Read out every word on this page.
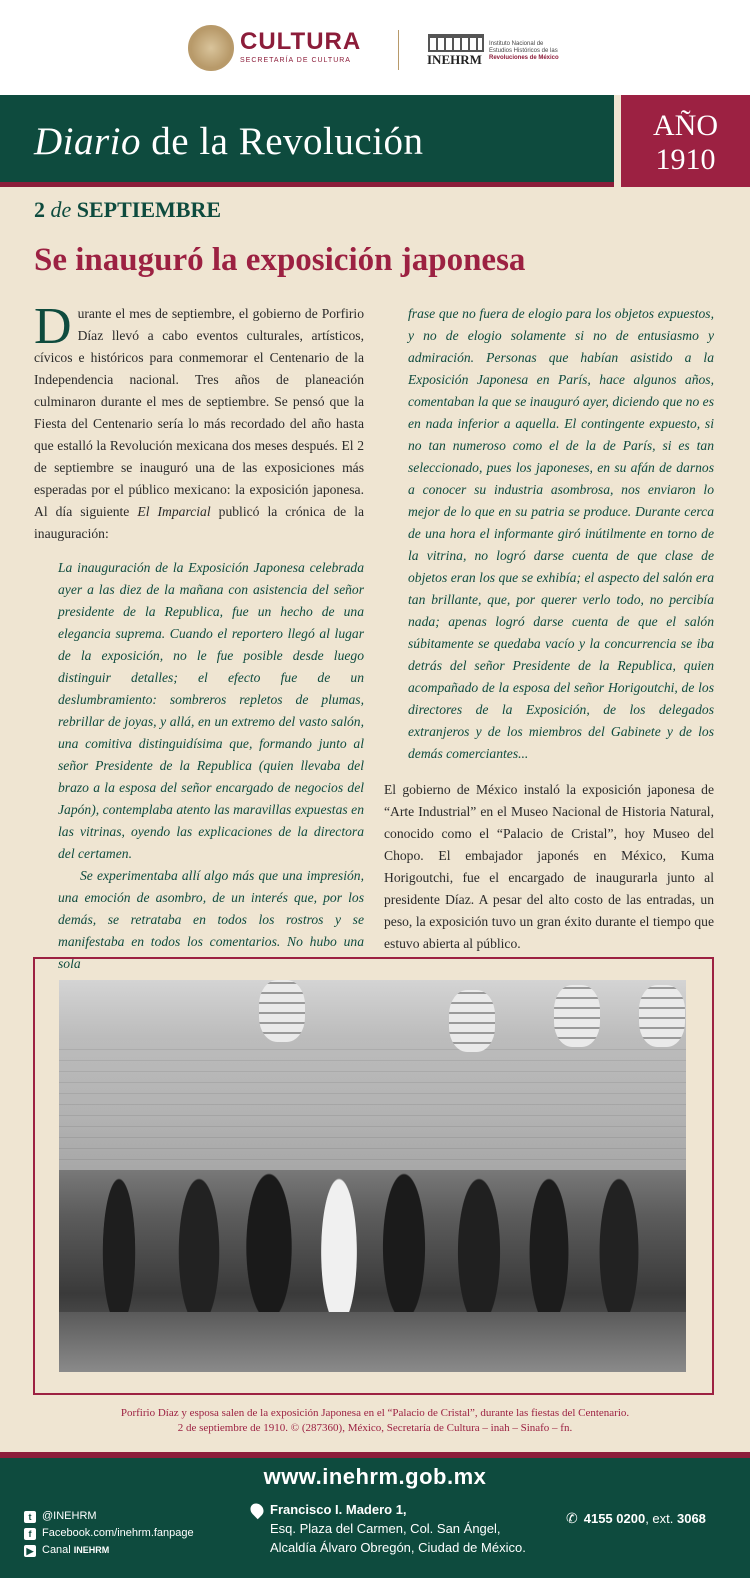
CULTURA
SECRETARÍA DE CULTURA	INEHRM
Instituto Nacional de
Estudios Históricos de las
Revoluciones de México
Diario de la Revolución	AÑO
1910
2 de SEPTIEMBRE
Se inauguró la exposición japonesa

Durante el mes de septiembre, el gobierno de Porfirio Díaz llevó a cabo eventos culturales, artísticos, cívicos e históricos para conmemorar el Centenario de la Independencia nacional. Tres años de planeación culminaron durante el mes de septiembre. Se pensó que la Fiesta del Centenario sería lo más recordado del año hasta que estalló la Revolución mexicana dos meses después. El 2 de septiembre se inauguró una de las exposiciones más esperadas por el público mexicano: la exposición japonesa. Al día siguiente El Imparcial publicó la crónica de la inauguración:

La inauguración de la Exposición Japonesa celebrada ayer a las diez de la mañana con asistencia del señor presidente de la Republica, fue un hecho de una elegancia suprema. Cuando el reportero llegó al lugar de la exposición, no le fue posible desde luego distinguir detalles; el efecto fue de un deslumbramiento: sombreros repletos de plumas, rebrillar de joyas, y allá, en un extremo del vasto salón, una comitiva distinguidísima que, formando junto al señor Presidente de la Republica (quien llevaba del brazo a la esposa del señor encargado de negocios del Japón), contemplaba atento las maravillas expuestas en las vitrinas, oyendo las explicaciones de la directora del certamen.

Se experimentaba allí algo más que una impresión, una emoción de asombro, de un interés que, por los demás, se retrataba en todos los rostros y se manifestaba en todos los comentarios. No hubo una sola

frase que no fuera de elogio para los objetos expuestos, y no de elogio solamente si no de entusiasmo y admiración. Personas que habían asistido a la Exposición Japonesa en París, hace algunos años, comentaban la que se inauguró ayer, diciendo que no es en nada inferior a aquella. El contingente expuesto, si no tan numeroso como el de la de París, si es tan seleccionado, pues los japoneses, en su afán de darnos a conocer su industria asombrosa, nos enviaron lo mejor de lo que en su patria se produce. Durante cerca de una hora el informante giró inútilmente en torno de la vitrina, no logró darse cuenta de que clase de objetos eran los que se exhibía; el aspecto del salón era tan brillante, que, por querer verlo todo, no percibía nada; apenas logró darse cuenta de que el salón súbitamente se quedaba vacío y la concurrencia se iba detrás del señor Presidente de la Republica, quien acompañado de la esposa del señor Horigoutchi, de los directores de la Exposición, de los delegados extranjeros y de los miembros del Gabinete y de los demás comerciantes...

El gobierno de México instaló la exposición japonesa de “Arte Industrial” en el Museo Nacional de Historia Natural, conocido como el “Palacio de Cristal”, hoy Museo del Chopo. El embajador japonés en México, Kuma Horigoutchi, fue el encargado de inaugurarla junto al presidente Díaz. A pesar del alto costo de las entradas, un peso, la exposición tuvo un gran éxito durante el tiempo que estuvo abierta al público.

Porfirio Díaz y esposa salen de la exposición Japonesa en el “Palacio de Cristal”, durante las fiestas del Centenario.
2 de septiembre de 1910. © (287360), México, Secretaría de Cultura – inah – Sinafo – fn.
www.inehrm.gob.mx
t @INEHRM
f Facebook.com/inehrm.fanpage
▶ Canal INEHRM
Francisco I. Madero 1,
Esq. Plaza del Carmen, Col. San Ángel,
Alcaldía Álvaro Obregón, Ciudad de México.
✆ 4155 0200, ext. 3068
